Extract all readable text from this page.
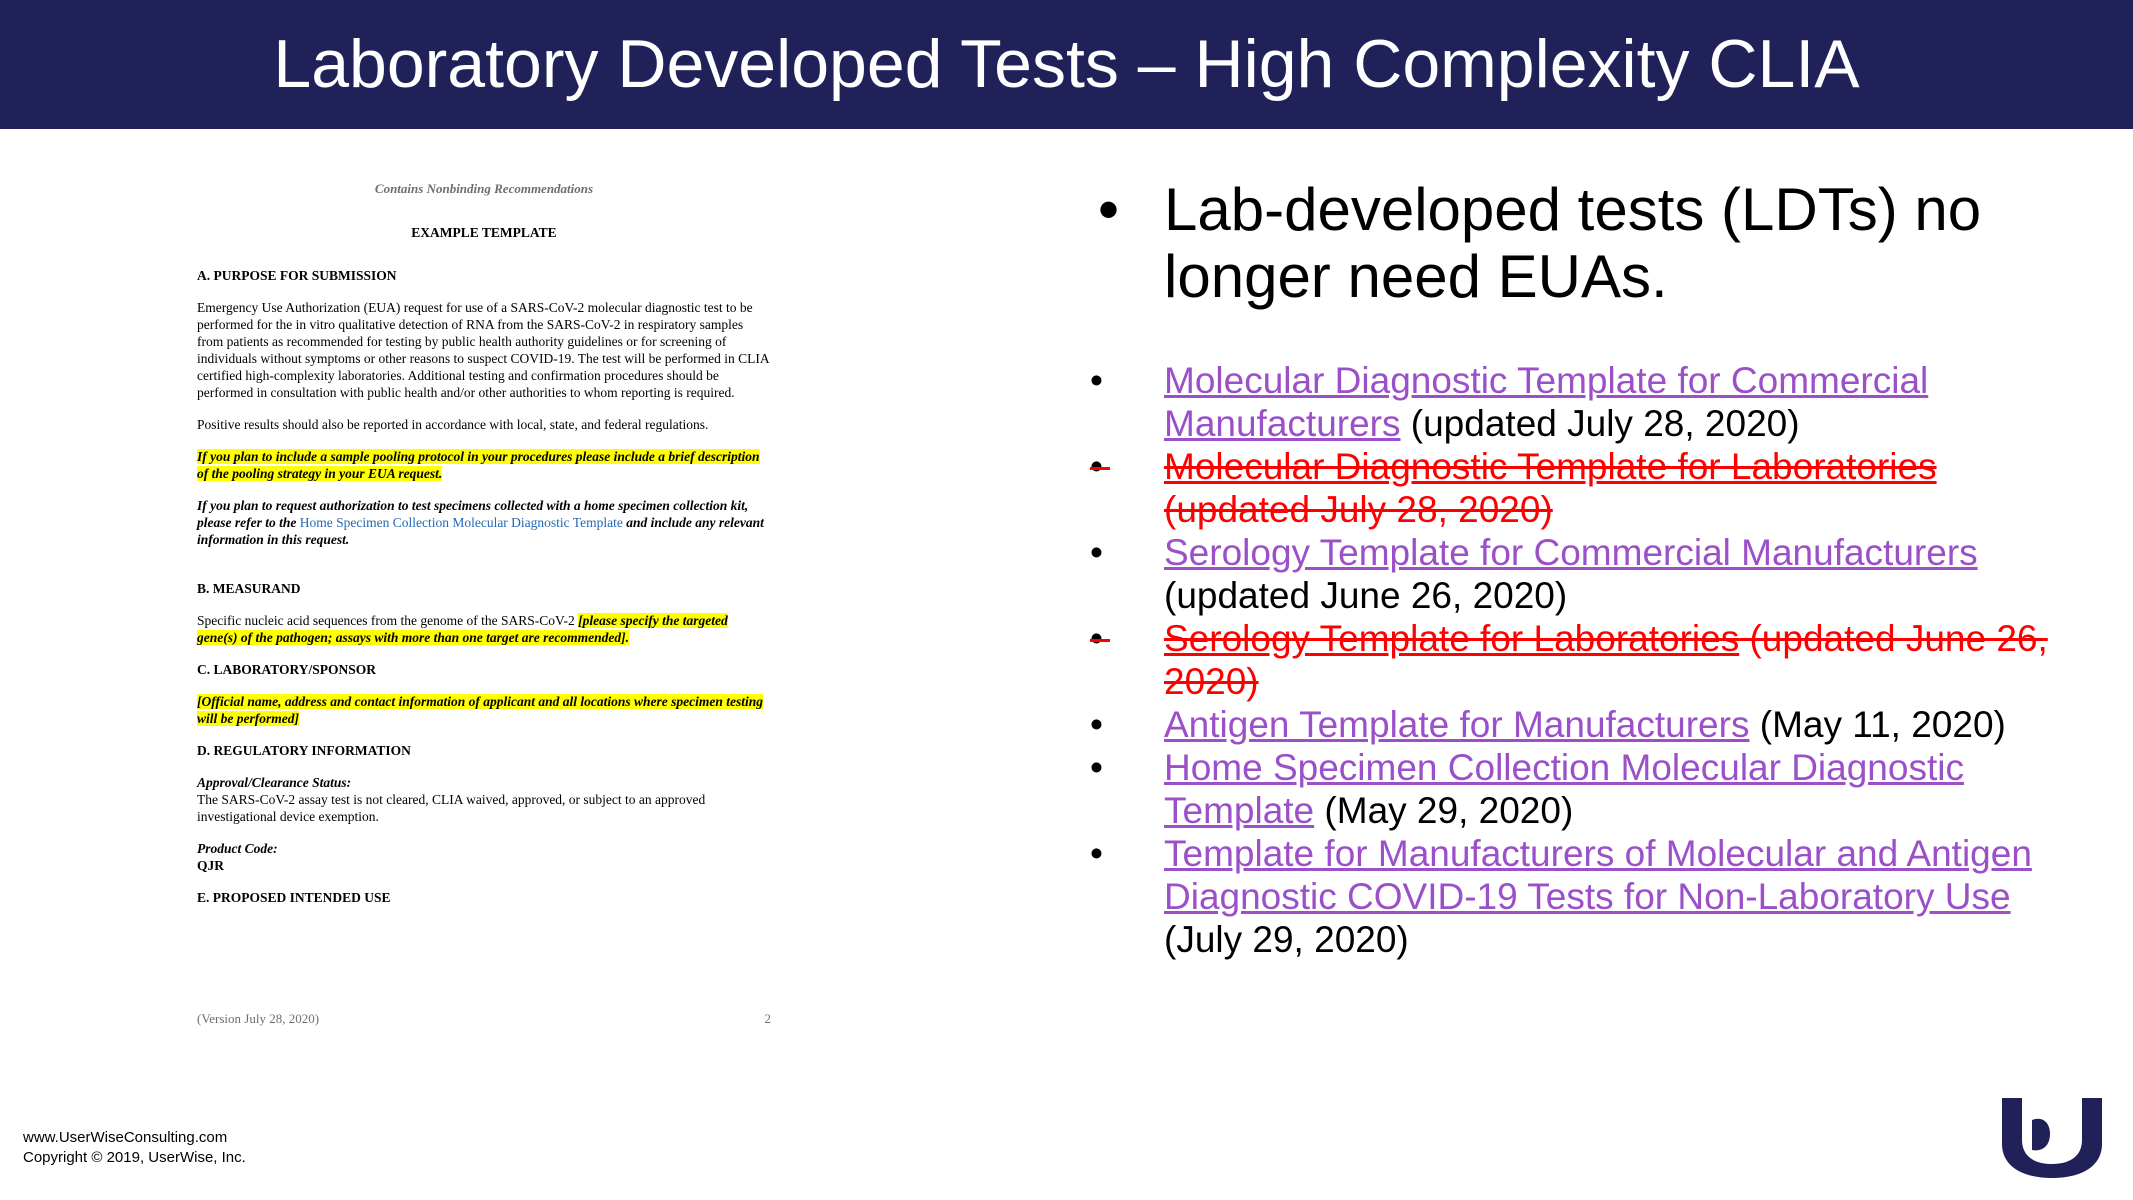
Laboratory Developed Tests – High Complexity CLIA
Contains Nonbinding Recommendations
EXAMPLE TEMPLATE
A. PURPOSE FOR SUBMISSION
Emergency Use Authorization (EUA) request for use of a SARS-CoV-2 molecular diagnostic test to be performed for the in vitro qualitative detection of RNA from the SARS-CoV-2 in respiratory samples from patients as recommended for testing by public health authority guidelines or for screening of individuals without symptoms or other reasons to suspect COVID-19. The test will be performed in CLIA certified high-complexity laboratories. Additional testing and confirmation procedures should be performed in consultation with public health and/or other authorities to whom reporting is required.
Positive results should also be reported in accordance with local, state, and federal regulations.
If you plan to include a sample pooling protocol in your procedures please include a brief description of the pooling strategy in your EUA request.
If you plan to request authorization to test specimens collected with a home specimen collection kit, please refer to the Home Specimen Collection Molecular Diagnostic Template and include any relevant information in this request.
B. MEASURAND
Specific nucleic acid sequences from the genome of the SARS-CoV-2 [please specify the targeted gene(s) of the pathogen; assays with more than one target are recommended].
C. LABORATORY/SPONSOR
[Official name, address and contact information of applicant and all locations where specimen testing will be performed]
D. REGULATORY INFORMATION
Approval/Clearance Status:
The SARS-CoV-2 assay test is not cleared, CLIA waived, approved, or subject to an approved investigational device exemption.
Product Code:
QJR
E. PROPOSED INTENDED USE
(Version July 28, 2020)	2
• Lab-developed tests (LDTs) no longer need EUAs.
• Molecular Diagnostic Template for Commercial Manufacturers (updated July 28, 2020)
Molecular Diagnostic Template for Laboratories (updated July 28, 2020)
• Serology Template for Commercial Manufacturers (updated June 26, 2020)
Serology Template for Laboratories (updated June 26, 2020)
• Antigen Template for Manufacturers (May 11, 2020)
• Home Specimen Collection Molecular Diagnostic Template (May 29, 2020)
• Template for Manufacturers of Molecular and Antigen Diagnostic COVID-19 Tests for Non-Laboratory Use (July 29, 2020)
www.UserWiseConsulting.com
Copyright © 2019, UserWise, Inc.
